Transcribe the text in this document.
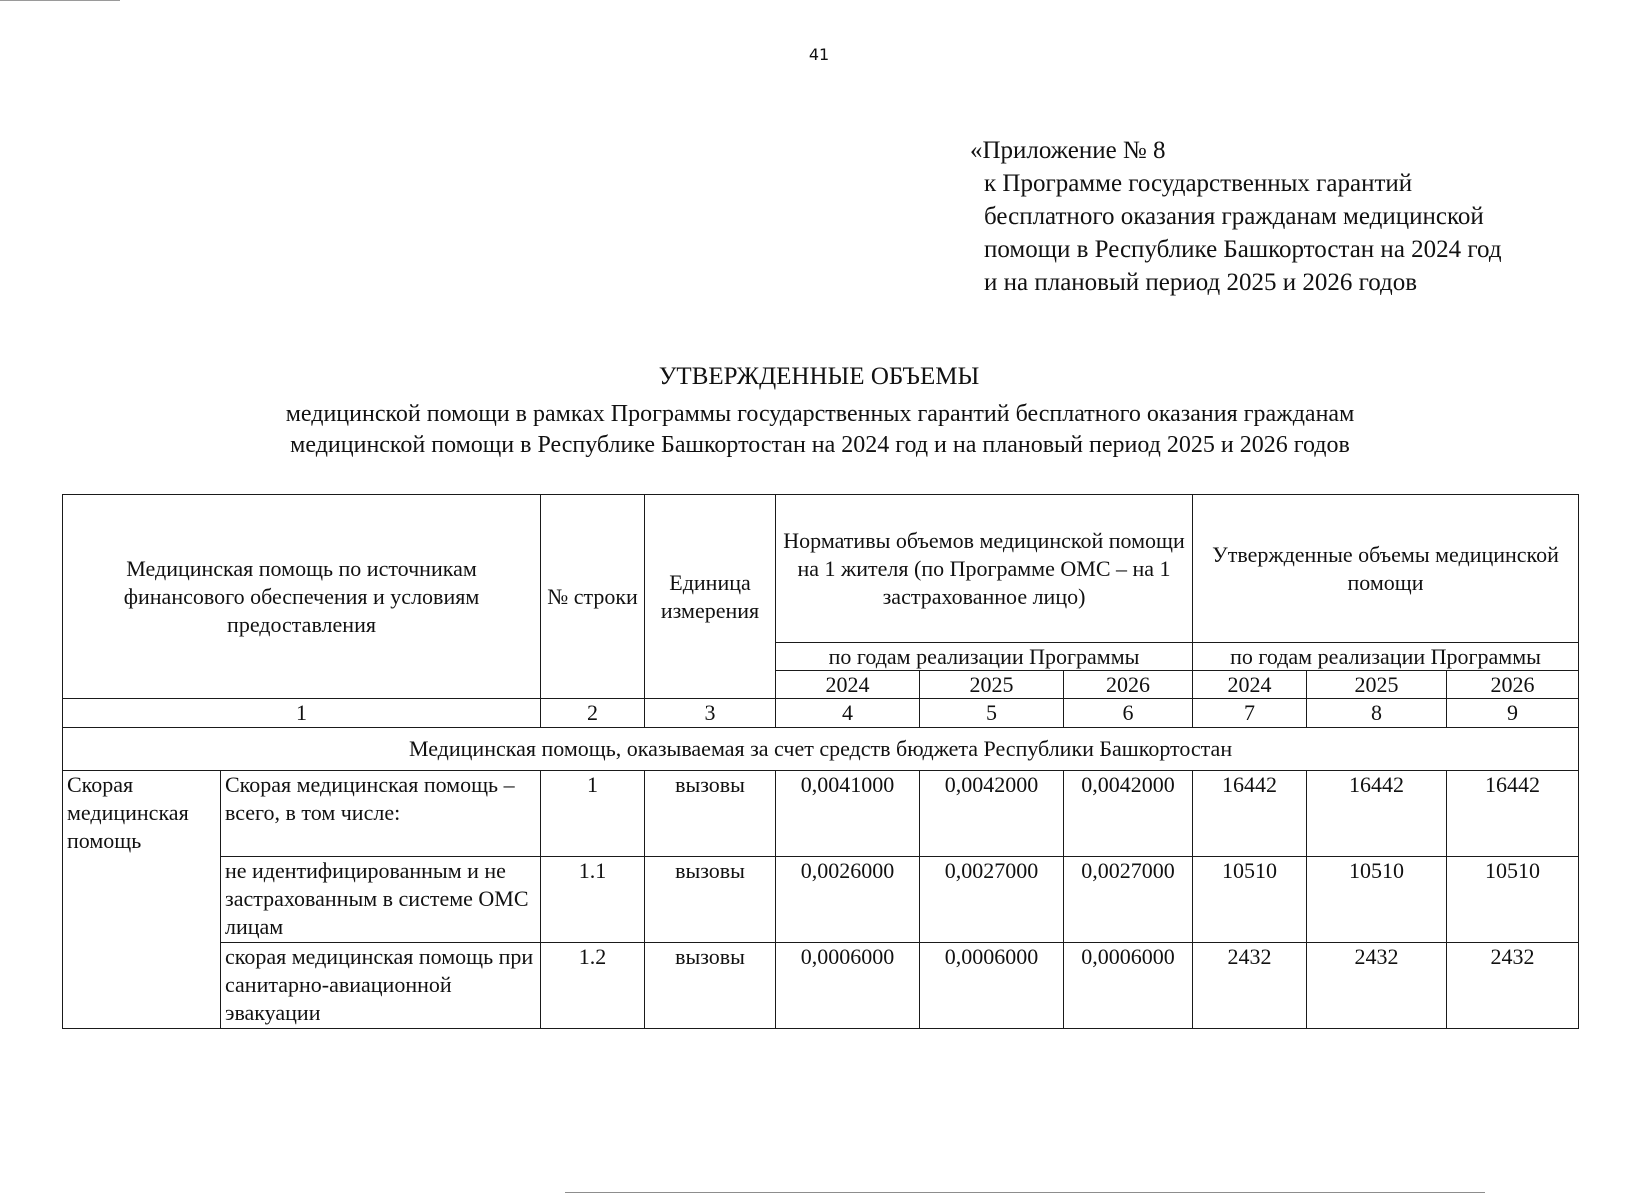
41
«Приложение № 8
к Программе государственных гарантий
бесплатного оказания гражданам медицинской
помощи в Республике Башкортостан на 2024 год
и на плановый период 2025 и 2026 годов
УТВЕРЖДЕННЫЕ ОБЪЕМЫ
медицинской помощи в рамках Программы государственных гарантий бесплатного оказания гражданам
медицинской помощи в Республике Башкортостан на 2024 год и на плановый период 2025 и 2026 годов
Медицинская помощь по источникам финансового обеспечения и условиям предоставления		№ строки	Единица измерения	Нормативы объемов медицинской помощи на 1 жителя (по Программе ОМС – на 1 застрахованное лицо)			Утвержденные объемы медицинской помощи		
				по годам реализации Программы			по годам реализации Программы		
				2024	2025	2026	2024	2025	2026
1		2	3	4	5	6	7	8	9
Медицинская помощь, оказываемая за счет средств бюджета Республики Башкортостан									
Скорая медицинская помощь	Скорая медицинская помощь – всего, в том числе:	1	вызовы	0,0041000	0,0042000	0,0042000	16442	16442	16442
	не идентифицированным и не застрахованным в системе ОМС лицам	1.1	вызовы	0,0026000	0,0027000	0,0027000	10510	10510	10510
	скорая медицинская помощь при санитарно-авиационной эвакуации	1.2	вызовы	0,0006000	0,0006000	0,0006000	2432	2432	2432
